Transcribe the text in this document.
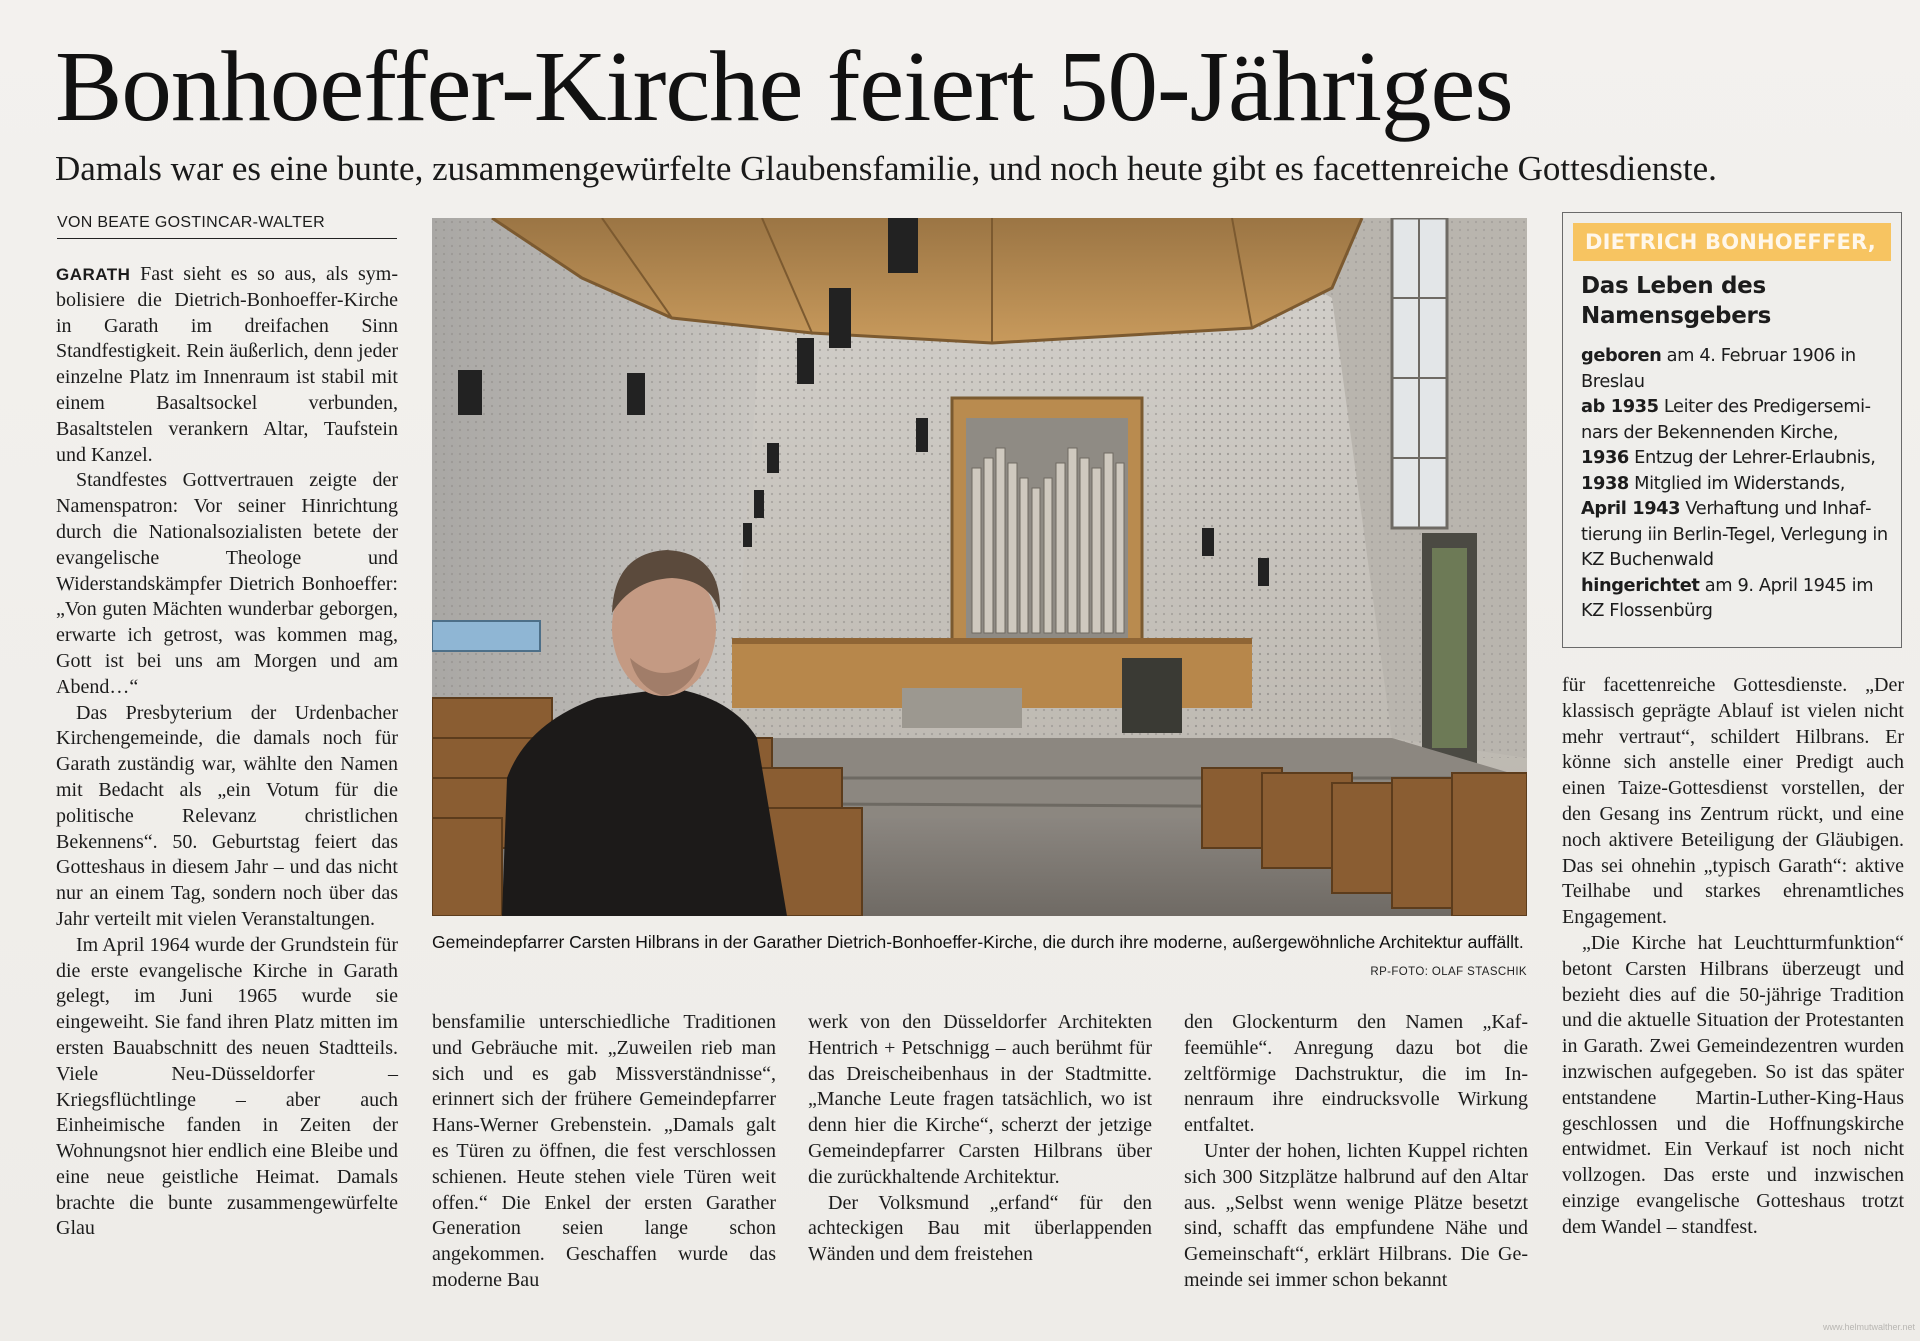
Bonhoeffer-Kirche feiert 50-Jähriges

Damals war es eine bunte, zusammengewürfelte Glaubensfamilie, und noch heute gibt es facettenreiche Gottesdienste.

VON BEATE GOSTINCAR-WALTER

GARATH Fast sieht es so aus, als symbolisiere die Dietrich-Bonhoeffer-Kirche in Garath im dreifachen Sinn Standfestigkeit. Rein äußerlich, denn jeder einzelne Platz im Innenraum ist stabil mit einem Basaltsockel verbunden, Basaltstelen verankern Altar, Taufstein und Kanzel.

Standfestes Gottvertrauen zeigte der Namenspatron: Vor seiner Hinrichtung durch die Nationalsozialisten betete der evangelische Theologe und Widerstandskämpfer Dietrich Bonhoeffer: „Von guten Mächten wunderbar geborgen, erwarte ich getrost, was kommen mag, Gott ist bei uns am Morgen und am Abend…“

Das Presbyterium der Urdenbacher Kirchengemeinde, die damals noch für Garath zuständig war, wählte den Namen mit Bedacht als „ein Votum für die politische Relevanz christlichen Bekennens“. 50. Geburtstag feiert das Gotteshaus in diesem Jahr – und das nicht nur an einem Tag, sondern noch über das Jahr verteilt mit vielen Veranstaltungen.

Im April 1964 wurde der Grundstein für die erste evangelische Kirche in Garath gelegt, im Juni 1965 wurde sie eingeweiht. Sie fand ihren Platz mitten im ersten Bauabschnitt des neuen Stadtteils. Viele Neu-Düsseldorfer – Kriegsflüchtlinge – aber auch Einheimische fanden in Zeiten der Wohnungsnot hier endlich eine Bleibe und eine neue geistliche Heimat. Damals brachte die bunte zusammengewürfelte Glau

Gemeindepfarrer Carsten Hilbrans in der Garather Dietrich-Bonhoeffer-Kirche, die durch ihre moderne, außergewöhnliche Architektur auffällt.
RP-FOTO: OLAF STASCHIK

bensfamilie unterschiedliche Traditionen und Gebräuche mit. „Zuweilen rieb man sich und es gab Missverständnisse“, erinnert sich der frühere Gemeindepfarrer Hans-Werner Grebenstein. „Damals galt es Türen zu öffnen, die fest verschlossen schienen. Heute stehen viele Türen weit offen.“ Die Enkel der ersten Garather Generation seien lange schon angekommen. Geschaffen wurde das moderne Bau

werk von den Düsseldorfer Architekten Hentrich + Petschnigg – auch berühmt für das Dreischeibenhaus in der Stadtmitte. „Manche Leute fragen tatsächlich, wo ist denn hier die Kirche“, scherzt der jetzige Gemeindepfarrer Carsten Hilbrans über die zurückhaltende Architektur.

Der Volksmund „erfand“ für den achteckigen Bau mit überlappenden Wänden und dem freistehen

den Glockenturm den Namen „Kaffeemühle“. Anregung dazu bot die zeltförmige Dachstruktur, die im Innenraum ihre eindrucksvolle Wirkung entfaltet.

Unter der hohen, lichten Kuppel richten sich 300 Sitzplätze halbrund auf den Altar aus. „Selbst wenn wenige Plätze besetzt sind, schafft das empfundene Nähe und Gemeinschaft“, erklärt Hilbrans. Die Gemeinde sei immer schon bekannt

DIETRICH BONHOEFFER,
Das Leben des Namensgebers
geboren am 4. Februar 1906 in Breslau
ab 1935 Leiter des Predigerseminars der Bekennenden Kirche,
1936 Entzug der Lehrer-Erlaubnis,
1938 Mitglied im Widerstands,
April 1943 Verhaftung und Inhaftierung iin Berlin-Tegel, Verlegung in KZ Buchenwald
hingerichtet am 9. April 1945 im KZ Flossenbürg

für facettenreiche Gottesdienste. „Der klassisch geprägte Ablauf ist vielen nicht mehr vertraut“, schildert Hilbrans. Er könne sich anstelle einer Predigt auch einen Taize-Gottesdienst vorstellen, der den Gesang ins Zentrum rückt, und eine noch aktivere Beteiligung der Gläubigen. Das sei ohnehin „typisch Garath“: aktive Teilhabe und starkes ehrenamtliches Engagement.

„Die Kirche hat Leuchtturmfunktion“ betont Carsten Hilbrans überzeugt und bezieht dies auf die 50-jährige Tradition und die aktuelle Situation der Protestanten in Garath. Zwei Gemeindezentren wurden inzwischen aufgegeben. So ist das später entstandene Martin-Luther-King-Haus geschlossen und die Hoffnungskirche entwidmet. Ein Verkauf ist noch nicht vollzogen. Das erste und inzwischen einzige evangelische Gotteshaus trotzt dem Wandel – standfest.

www.helmutwalther.net
